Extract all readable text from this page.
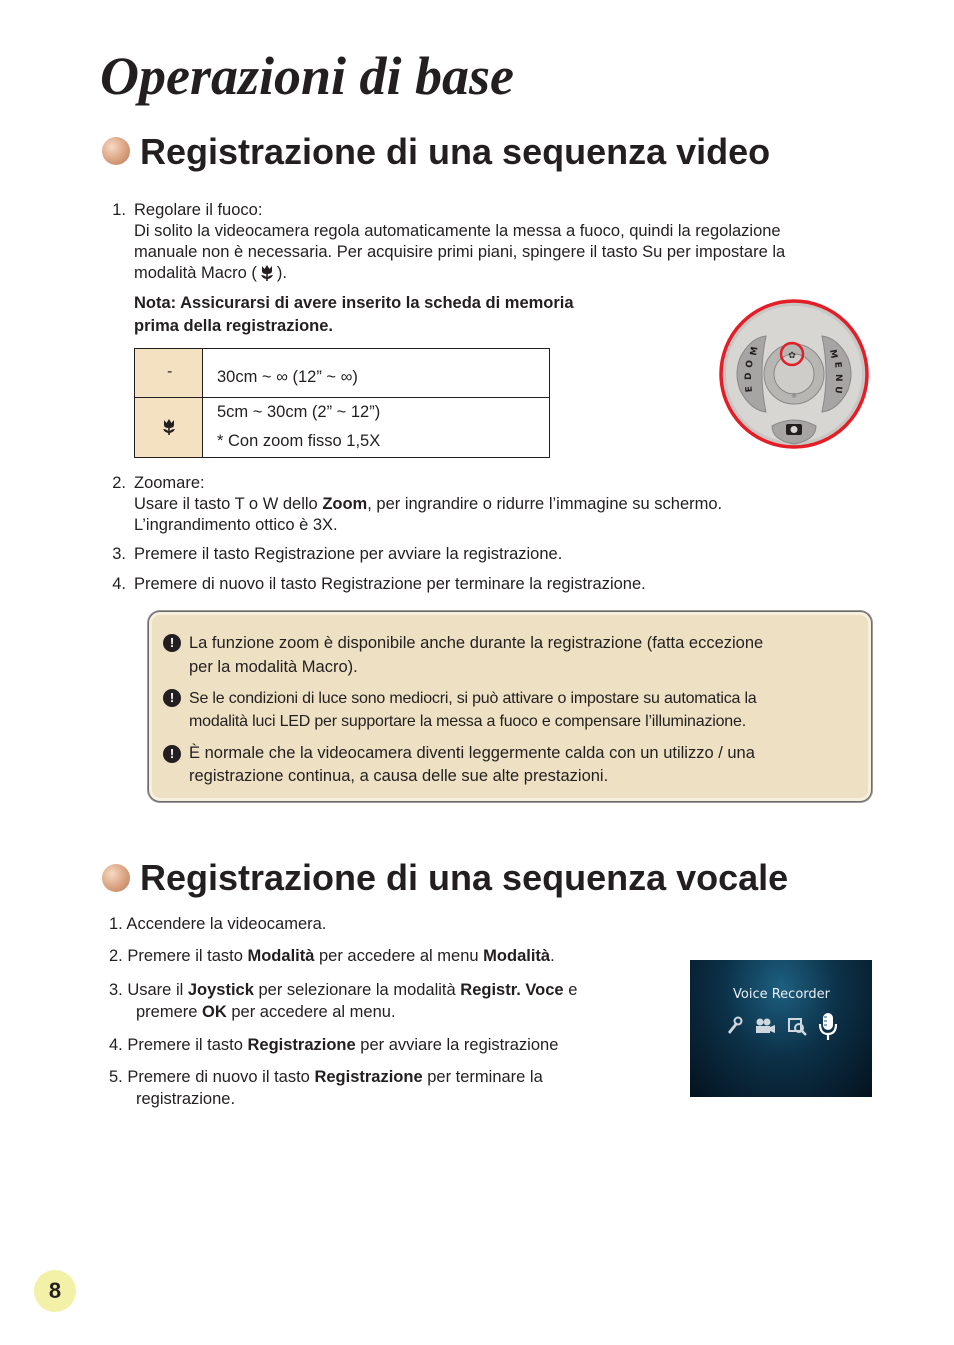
Operazioni di base
Registrazione di una sequenza video
1. Regolare il fuoco:
Di solito la videocamera regola automaticamente la messa a fuoco, quindi la regolazione
manuale non è necessaria. Per acquisire primi piani, spingere il tasto Su per impostare la
modalità Macro ( ).
Nota: Assicurarsi di avere inserito la scheda di memoria
prima della registrazione.
-	30cm ~ ∞ (12” ~ ∞)
5cm ~ 30cm (2” ~ 12”)
* Con zoom fisso 1,5X
✿
☼
M
O
D
E
M
E
N
U
2. Zoomare:
Usare il tasto T o W dello Zoom, per ingrandire o ridurre l’immagine su schermo.
L’ingrandimento ottico è 3X.
3. Premere il tasto Registrazione per avviare la registrazione.
4. Premere di nuovo il tasto Registrazione per terminare la registrazione.
! La funzione zoom è disponibile anche durante la registrazione (fatta eccezione
per la modalità Macro).
! Se le condizioni di luce sono mediocri, si può attivare o impostare su automatica la
modalità luci LED per supportare la messa a fuoco e compensare l’illuminazione.
! È normale che la videocamera diventi leggermente calda con un utilizzo / una
registrazione continua, a causa delle sue alte prestazioni.
Registrazione di una sequenza vocale
1. Accendere la videocamera.
2. Premere il tasto Modalità per accedere al menu Modalità.
3. Usare il Joystick per selezionare la modalità Registr. Voce e
premere OK per accedere al menu.
4. Premere il tasto Registrazione per avviare la registrazione
5. Premere di nuovo il tasto Registrazione per terminare la
registrazione.
Voice Recorder
8
